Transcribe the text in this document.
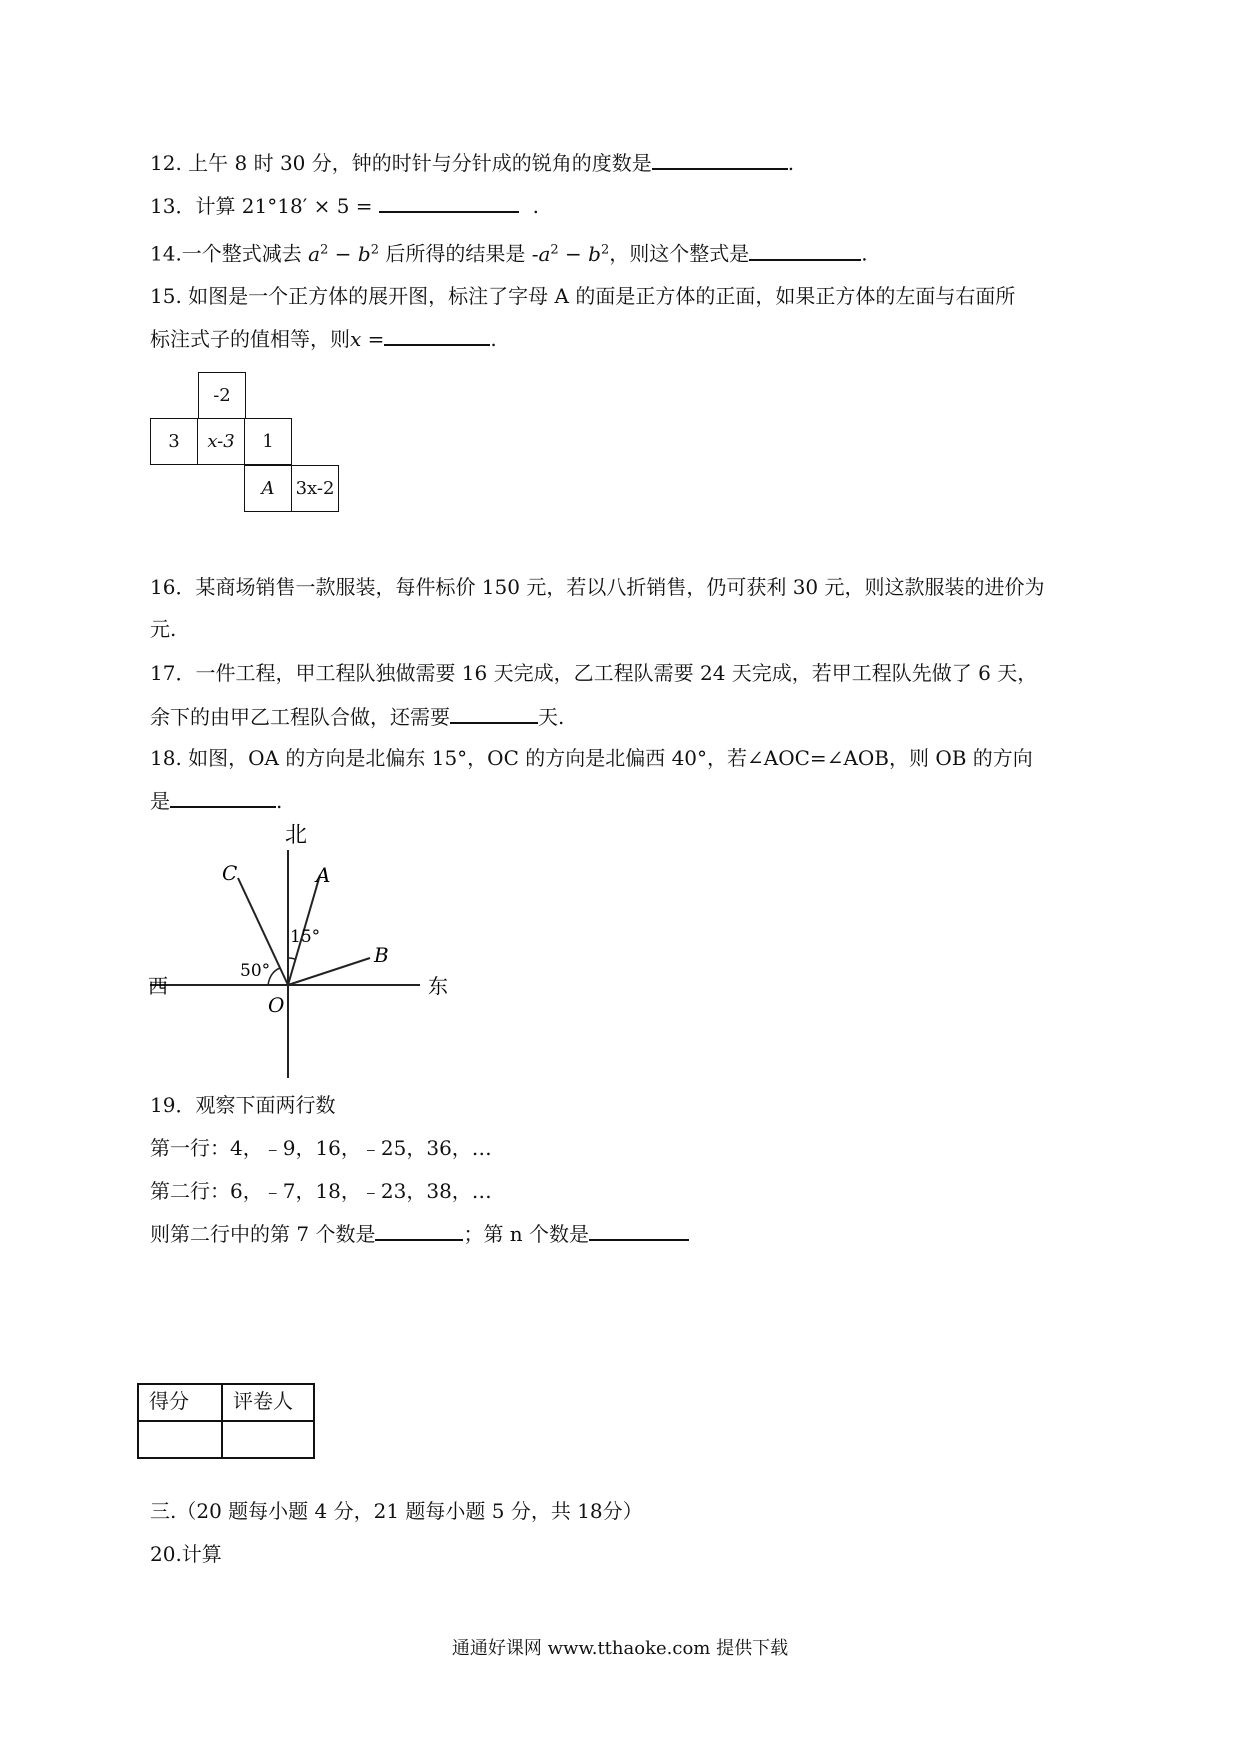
12. 上午 8 时 30 分，钟的时针与分针成的锐角的度数是	.
13．计算 21°18′ × 5 =	.
14.一个整式减去 $a^2 - b^2$ 后所得的结果是 $-a^2 - b^2$，则这个整式是	.
15. 如图是一个正方体的展开图，标注了字母 A 的面是正方体的正面，如果正方体的左面与右面所
标注式子的值相等，则x =	.
-2
3	x-3	1
A	3x-2
16．某商场销售一款服装，每件标价 150 元，若以八折销售，仍可获利 30 元，则这款服装的进价为
元.
17．一件工程，甲工程队独做需要 16 天完成，乙工程队需要 24 天完成，若甲工程队先做了 6 天，
余下的由甲乙工程队合做，还需要	天.
18. 如图，OA 的方向是北偏东 15°，OC 的方向是北偏西 40°，若∠AOC=∠AOB，则 OB 的方向
是	.
北
西	东
O
A
B
C
15°
50°
19．观察下面两行数
第一行：4，﹣9，16，﹣25，36，…
第二行：6，﹣7，18，﹣23，38，…
则第二行中的第 7 个数是	；第 n 个数是
得分	评卷人

三.（20 题每小题 4 分，21 题每小题 5 分，共 18分）
20.计算
通通好课网 www.tthaoke.com 提供下载
